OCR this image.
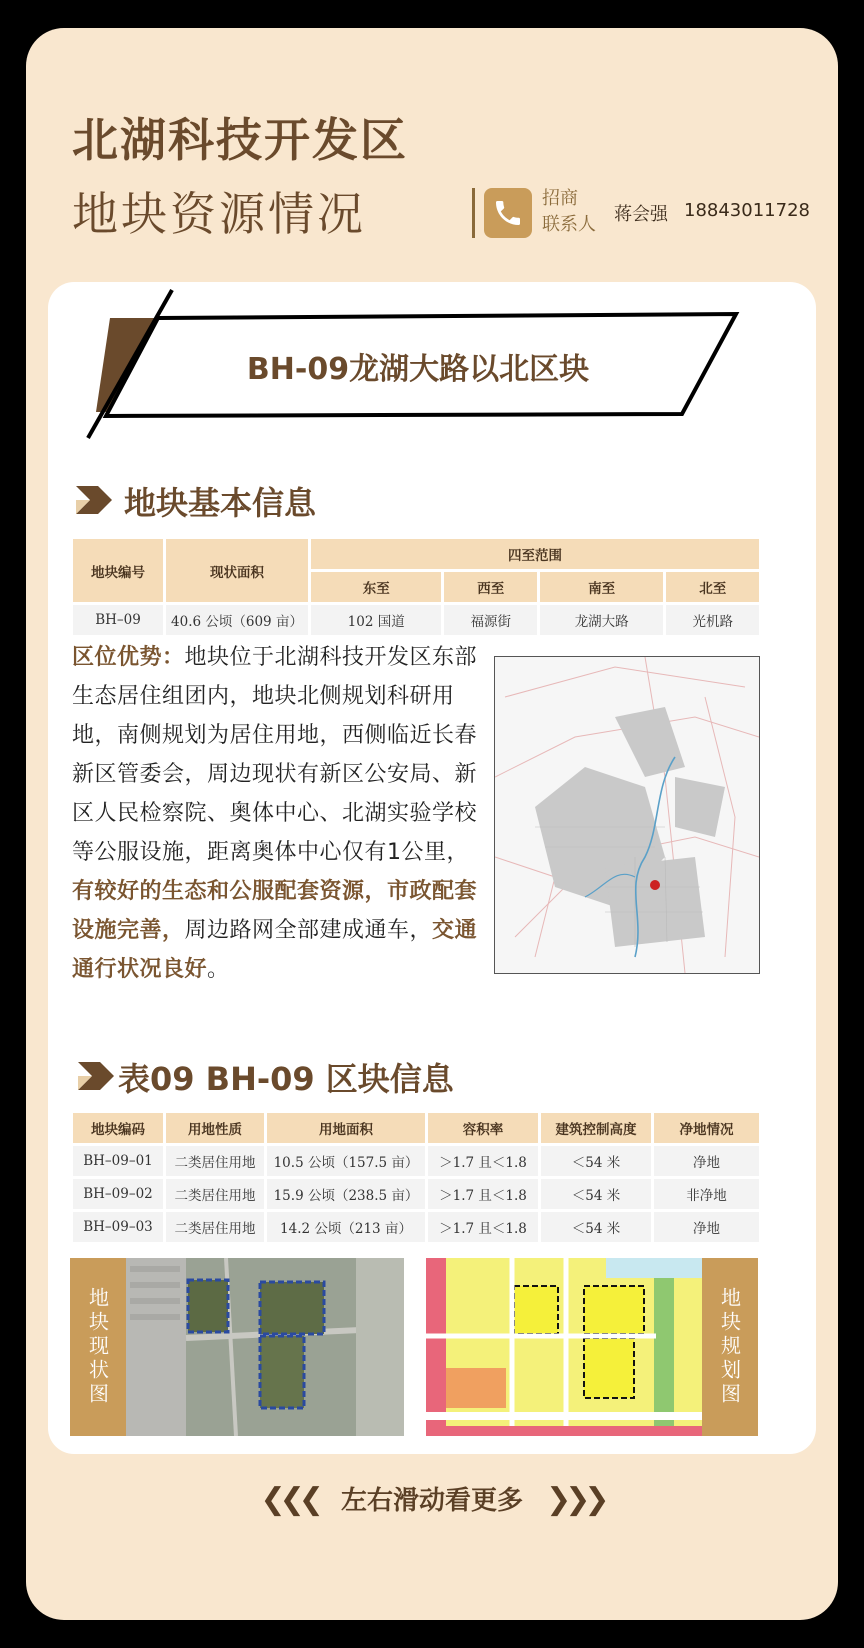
北湖科技开发区
地块资源情况	招商
联系人 蒋会强 18843011728
BH-09龙湖大路以北区块
地块基本信息
地块编号	现状面积	四至范围			
		东至	西至	南至	北至
BH–09	40.6 公顷（609 亩）	102 国道	福源街	龙湖大路	光机路
区位优势：地块位于北湖科技开发区东部生态居住组团内，地块北侧规划科研用地，南侧规划为居住用地，西侧临近长春新区管委会，周边现状有新区公安局、新区人民检察院、奥体中心、北湖实验学校等公服设施，距离奥体中心仅有1公里，有较好的生态和公服配套资源，市政配套设施完善，周边路网全部建成通车，交通通行状况良好。
表09 BH-09 区块信息
地块编码	用地性质	用地面积	容积率	建筑控制高度	净地情况
BH–09–01	二类居住用地	10.5 公顷（157.5 亩）	＞1.7 且＜1.8	＜54 米	净地
BH–09–02	二类居住用地	15.9 公顷（238.5 亩）	＞1.7 且＜1.8	＜54 米	非净地
BH–09–03	二类居住用地	14.2 公顷（213 亩）	＞1.7 且＜1.8	＜54 米	净地
地块现状图	地块规划图
❮❮❮ 左右滑动看更多 ❯❯❯
